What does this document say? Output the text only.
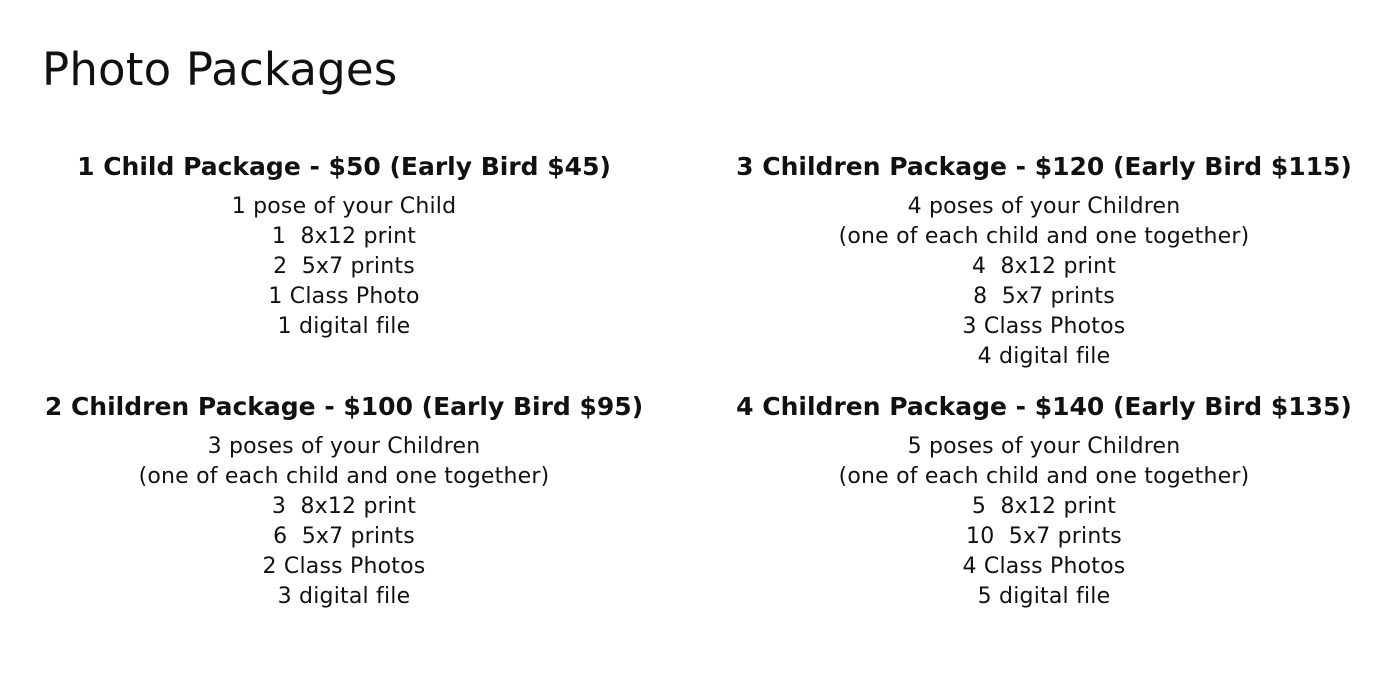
Photo Packages
1 Child Package - $50 (Early Bird $45)
1 pose of your Child
1  8x12 print
2  5x7 prints
1 Class Photo
1 digital file
3 Children Package - $120 (Early Bird $115)
4 poses of your Children
(one of each child and one together)
4  8x12 print
8  5x7 prints
3 Class Photos
4 digital file
2 Children Package - $100 (Early Bird $95)
3 poses of your Children
(one of each child and one together)
3  8x12 print
6  5x7 prints
2 Class Photos
3 digital file
4 Children Package - $140 (Early Bird $135)
5 poses of your Children
(one of each child and one together)
5  8x12 print
10  5x7 prints
4 Class Photos
5 digital file
